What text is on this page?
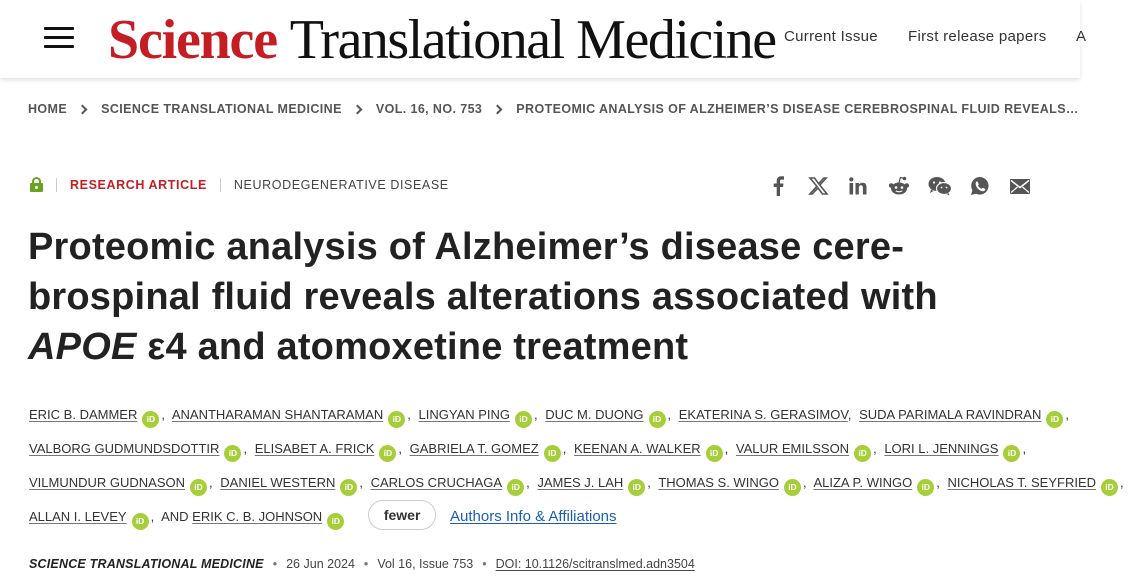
Science Translational Medicine Current Issue First release papers A
HOME	SCIENCE TRANSLATIONAL MEDICINE	VOL. 16, NO. 753	PROTEOMIC ANALYSIS OF ALZHEIMER’S DISEASE CEREBROSPINAL FLUID REVEALS…
RESEARCH ARTICLE NEURODEGENERATIVE DISEASE
Proteomic analysis of Alzheimer’s disease cere-
brospinal fluid reveals alterations associated with
APOE ε4 and atomoxetine treatment
ERIC B. DAMMER iD , ANANTHARAMAN SHANTARAMAN iD , LINGYAN PING iD , DUC M. DUONG iD , EKATERINA S. GERASIMOV, SUDA PARIMALA RAVINDRAN iD ,
VALBORG GUDMUNDSDOTTIR iD , ELISABET A. FRICK iD , GABRIELA T. GOMEZ iD , KEENAN A. WALKER iD , VALUR EMILSSON iD , LORI L. JENNINGS iD ,
VILMUNDUR GUDNASON iD , DANIEL WESTERN iD , CARLOS CRUCHAGA iD , JAMES J. LAH iD , THOMAS S. WINGO iD , ALIZA P. WINGO iD , NICHOLAS T. SEYFRIED iD ,
ALLAN I. LEVEY iD , AND ERIK C. B. JOHNSON iD	fewer Authors Info & Affiliations
SCIENCE TRANSLATIONAL MEDICINE • 26 Jun 2024 • Vol 16, Issue 753 • DOI: 10.1126/scitranslmed.adn3504
